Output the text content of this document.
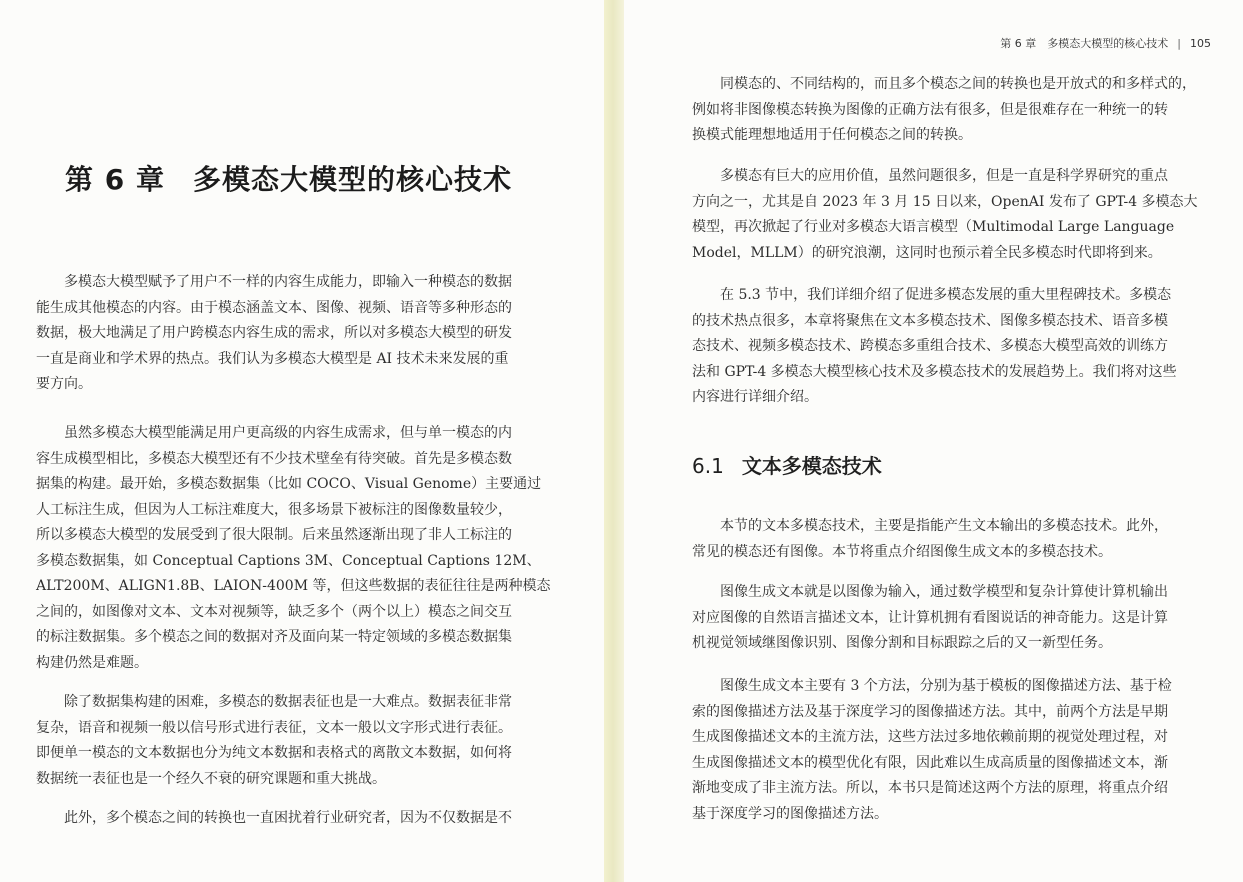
第 6 章 多模态大模型的核心技术

多模态大模型赋予了用户不一样的内容生成能力，即输入一种模态的数据
能生成其他模态的内容。由于模态涵盖文本、图像、视频、语音等多种形态的
数据，极大地满足了用户跨模态内容生成的需求，所以对多模态大模型的研发
一直是商业和学术界的热点。我们认为多模态大模型是 AI 技术未来发展的重
要方向。

虽然多模态大模型能满足用户更高级的内容生成需求，但与单一模态的内
容生成模型相比，多模态大模型还有不少技术壁垒有待突破。首先是多模态数
据集的构建。最开始，多模态数据集（比如 COCO、Visual Genome）主要通过
人工标注生成，但因为人工标注难度大，很多场景下被标注的图像数量较少，
所以多模态大模型的发展受到了很大限制。后来虽然逐渐出现了非人工标注的
多模态数据集，如 Conceptual Captions 3M、Conceptual Captions 12M、
ALT200M、ALIGN1.8B、LAION-400M 等，但这些数据的表征往往是两种模态
之间的，如图像对文本、文本对视频等，缺乏多个（两个以上）模态之间交互
的标注数据集。多个模态之间的数据对齐及面向某一特定领域的多模态数据集
构建仍然是难题。

除了数据集构建的困难，多模态的数据表征也是一大难点。数据表征非常
复杂，语音和视频一般以信号形式进行表征，文本一般以文字形式进行表征。
即便单一模态的文本数据也分为纯文本数据和表格式的离散文本数据，如何将
数据统一表征也是一个经久不衰的研究课题和重大挑战。

此外，多个模态之间的转换也一直困扰着行业研究者，因为不仅数据是不

第 6 章　多模态大模型的核心技术 | 105

同模态的、不同结构的，而且多个模态之间的转换也是开放式的和多样式的，
例如将非图像模态转换为图像的正确方法有很多，但是很难存在一种统一的转
换模式能理想地适用于任何模态之间的转换。

多模态有巨大的应用价值，虽然问题很多，但是一直是科学界研究的重点
方向之一，尤其是自 2023 年 3 月 15 日以来，OpenAI 发布了 GPT-4 多模态大
模型，再次掀起了行业对多模态大语言模型（Multimodal Large Language
Model，MLLM）的研究浪潮，这同时也预示着全民多模态时代即将到来。

在 5.3 节中，我们详细介绍了促进多模态发展的重大里程碑技术。多模态
的技术热点很多，本章将聚焦在文本多模态技术、图像多模态技术、语音多模
态技术、视频多模态技术、跨模态多重组合技术、多模态大模型高效的训练方
法和 GPT-4 多模态大模型核心技术及多模态技术的发展趋势上。我们将对这些
内容进行详细介绍。

6.1 文本多模态技术

本节的文本多模态技术，主要是指能产生文本输出的多模态技术。此外，
常见的模态还有图像。本节将重点介绍图像生成文本的多模态技术。

图像生成文本就是以图像为输入，通过数学模型和复杂计算使计算机输出
对应图像的自然语言描述文本，让计算机拥有看图说话的神奇能力。这是计算
机视觉领域继图像识别、图像分割和目标跟踪之后的又一新型任务。

图像生成文本主要有 3 个方法，分别为基于模板的图像描述方法、基于检
索的图像描述方法及基于深度学习的图像描述方法。其中，前两个方法是早期
生成图像描述文本的主流方法，这些方法过多地依赖前期的视觉处理过程，对
生成图像描述文本的模型优化有限，因此难以生成高质量的图像描述文本，渐
渐地变成了非主流方法。所以，本书只是简述这两个方法的原理，将重点介绍
基于深度学习的图像描述方法。
